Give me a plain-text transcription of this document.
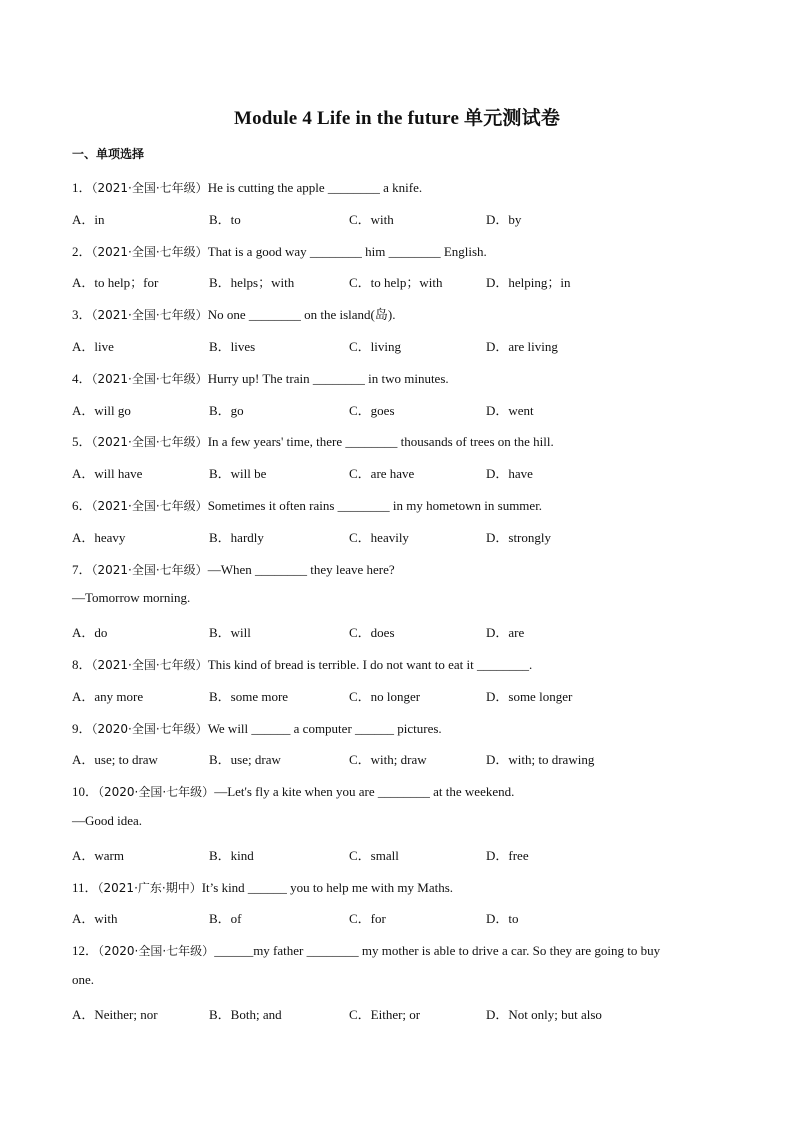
Module 4 Life in the future 单元测试卷
一、单项选择
1．（2021·全国·七年级）He is cutting the apple ________ a knife.
A．in	B．to	C．with	D．by
2．（2021·全国·七年级）That is a good way ________ him ________ English.
A．to help；for	B．helps；with	C．to help；with	D．helping；in
3．（2021·全国·七年级）No one ________ on the island(岛).
A．live	B．lives	C．living	D．are living
4．（2021·全国·七年级）Hurry up! The train ________ in two minutes.
A．will go	B．go	C．goes	D．went
5．（2021·全国·七年级）In a few years' time, there ________ thousands of trees on the hill.
A．will have	B．will be	C．are have	D．have
6．（2021·全国·七年级）Sometimes it often rains ________ in my hometown in summer.
A．heavy	B．hardly	C．heavily	D．strongly
7．（2021·全国·七年级）—When ________ they leave here?
—Tomorrow morning.
A．do	B．will	C．does	D．are
8．（2021·全国·七年级）This kind of bread is terrible. I do not want to eat it ________.
A．any more	B．some more	C．no longer	D．some longer
9．（2020·全国·七年级）We will ______ a computer ______ pictures.
A．use; to draw	B．use; draw	C．with; draw	D．with; to drawing
10．（2020·全国·七年级）—Let's fly a kite when you are ________ at the weekend.
—Good idea.
A．warm	B．kind	C．small	D．free
11．（2021·广东·期中）It’s kind ______ you to help me with my Maths.
A．with	B．of	C．for	D．to
12．（2020·全国·七年级）______my father ________ my mother is able to drive a car. So they are going to buy
one.
A．Neither; nor	B．Both; and	C．Either; or	D．Not only; but also
